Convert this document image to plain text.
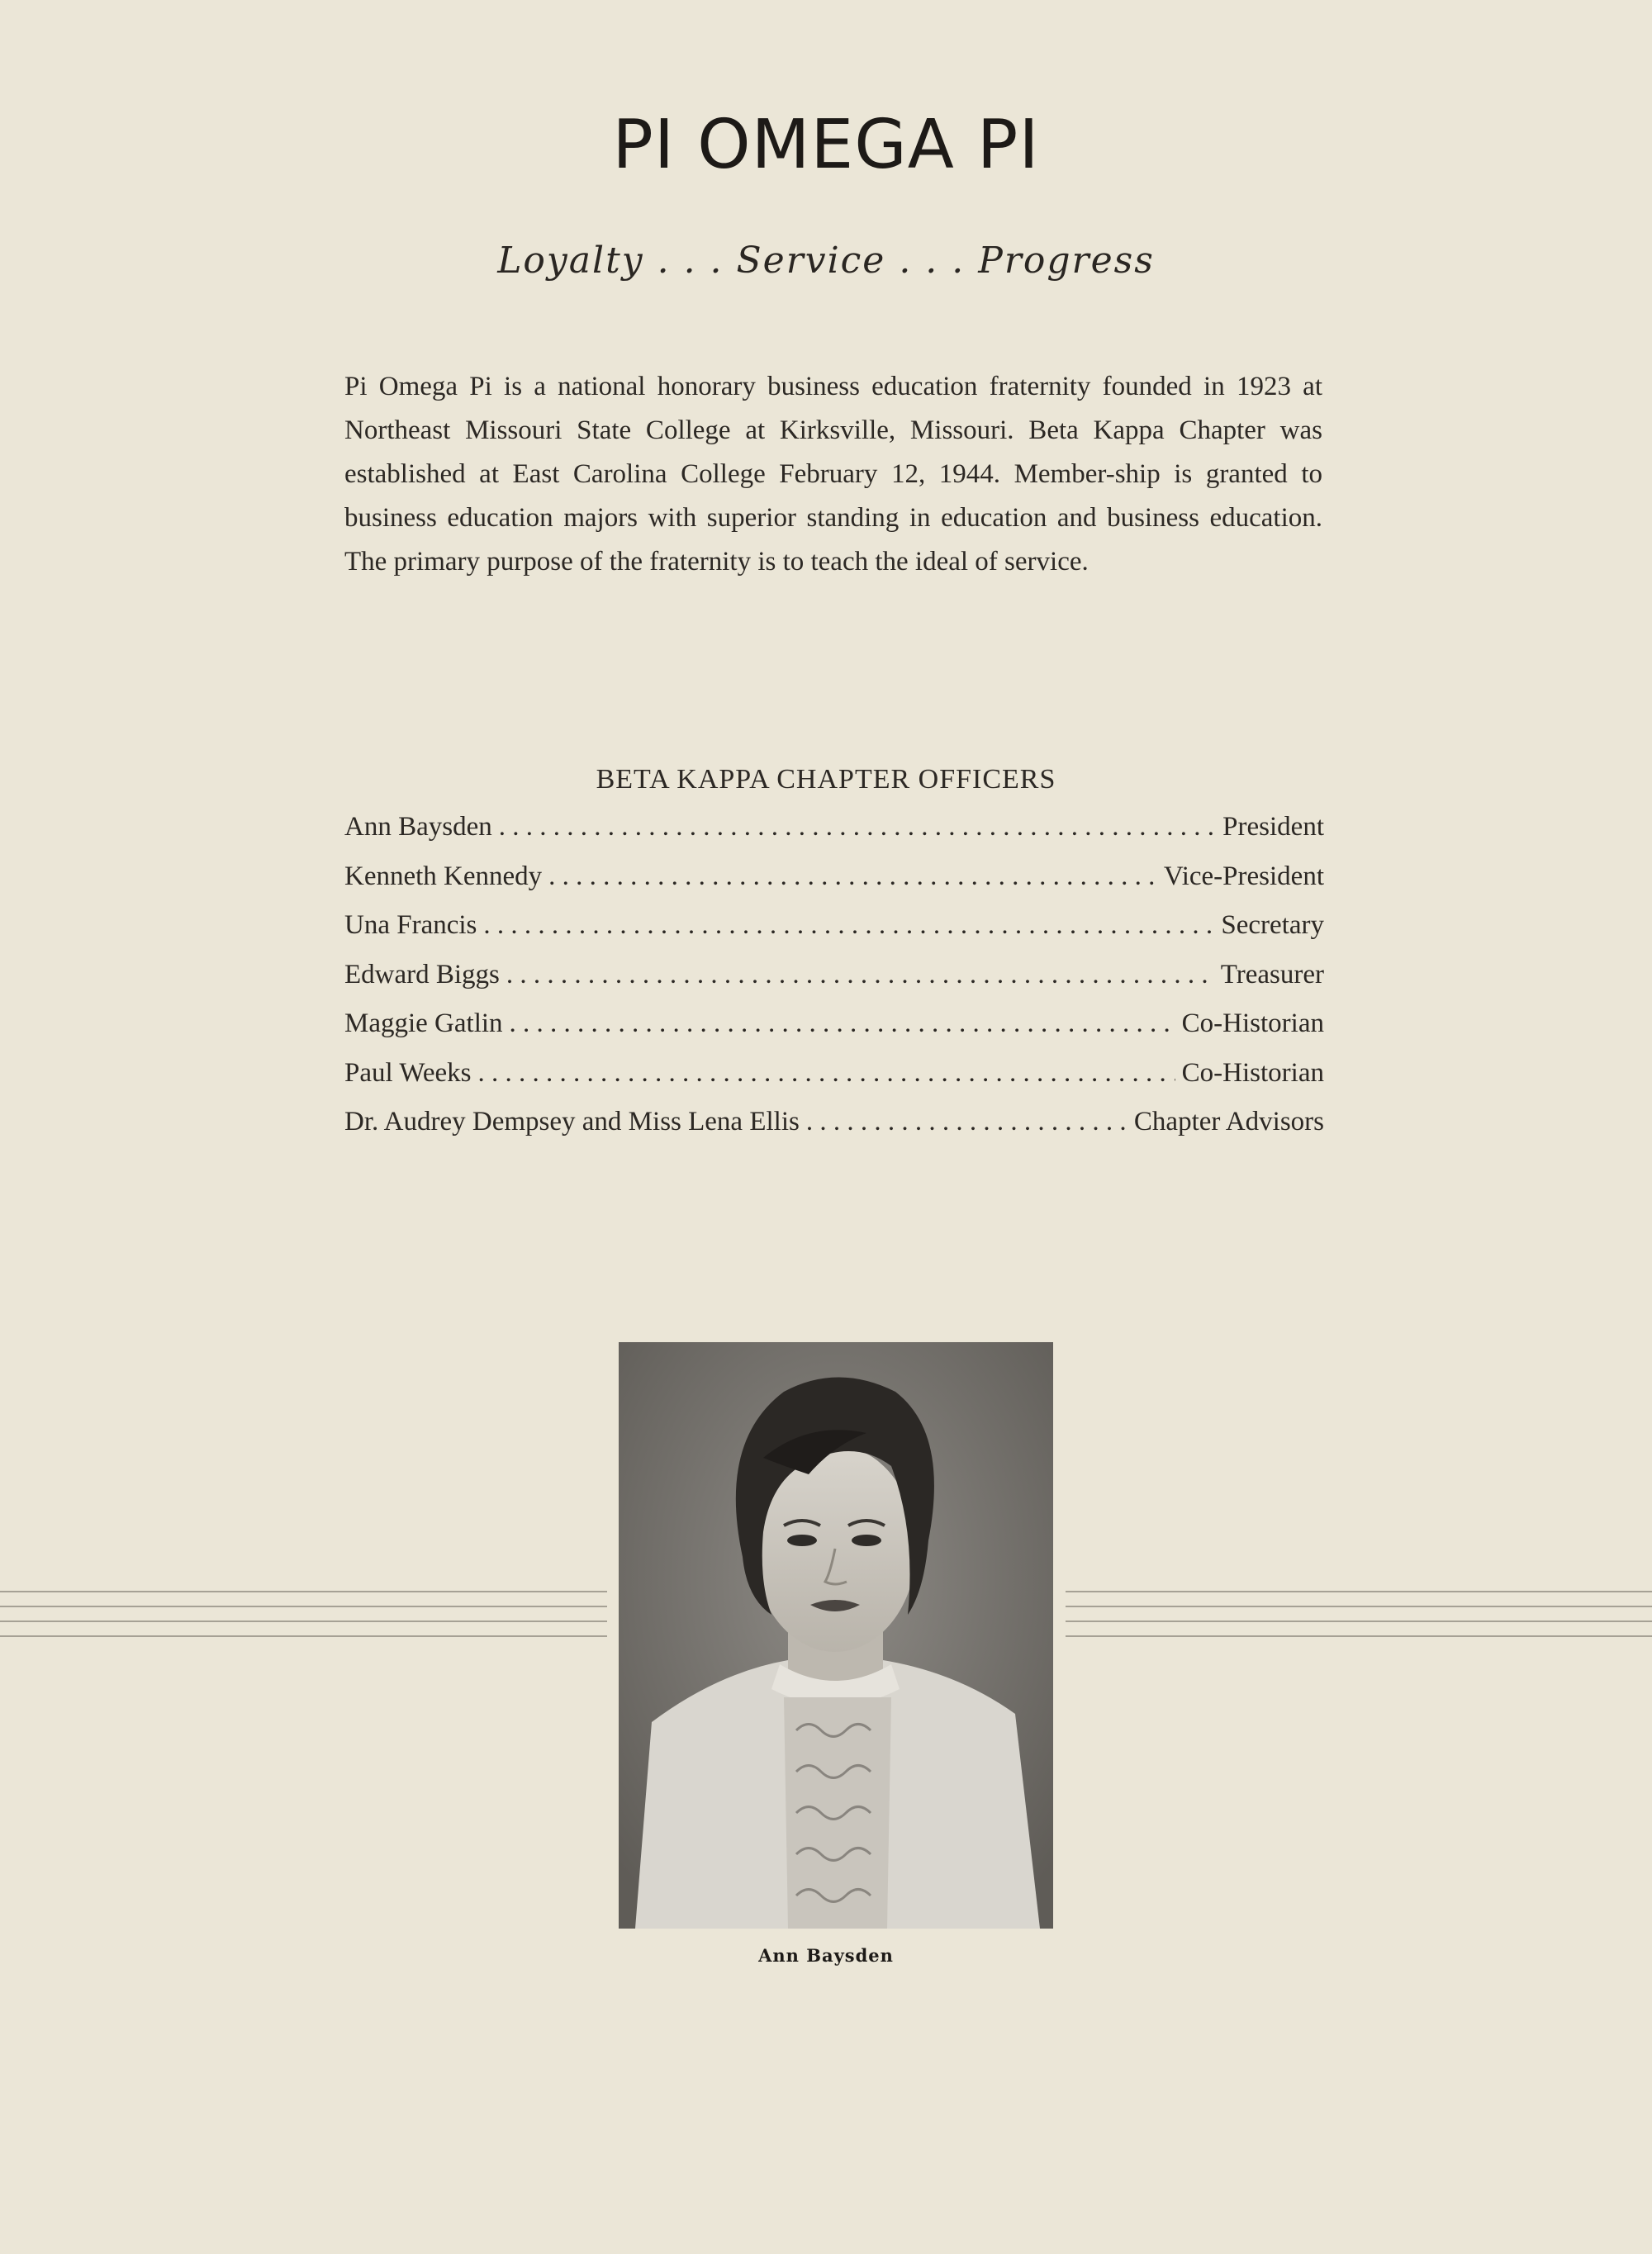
PI OMEGA PI
Loyalty . . . Service . . . Progress
Pi Omega Pi is a national honorary business education fraternity founded in 1923 at Northeast Missouri State College at Kirksville, Missouri. Beta Kappa Chapter was established at East Carolina College February 12, 1944. Member-ship is granted to business education majors with superior standing in education and business education. The primary purpose of the fraternity is to teach the ideal of service.
BETA KAPPA CHAPTER OFFICERS
Ann Baysden . . .	President
Kenneth Kennedy . . .	Vice-President
Una Francis . . .	Secretary
Edward Biggs . . .	Treasurer
Maggie Gatlin . . .	Co-Historian
Paul Weeks . . .	Co-Historian
Dr. Audrey Dempsey and Miss Lena Ellis . . .	Chapter Advisors
Ann Baysden
